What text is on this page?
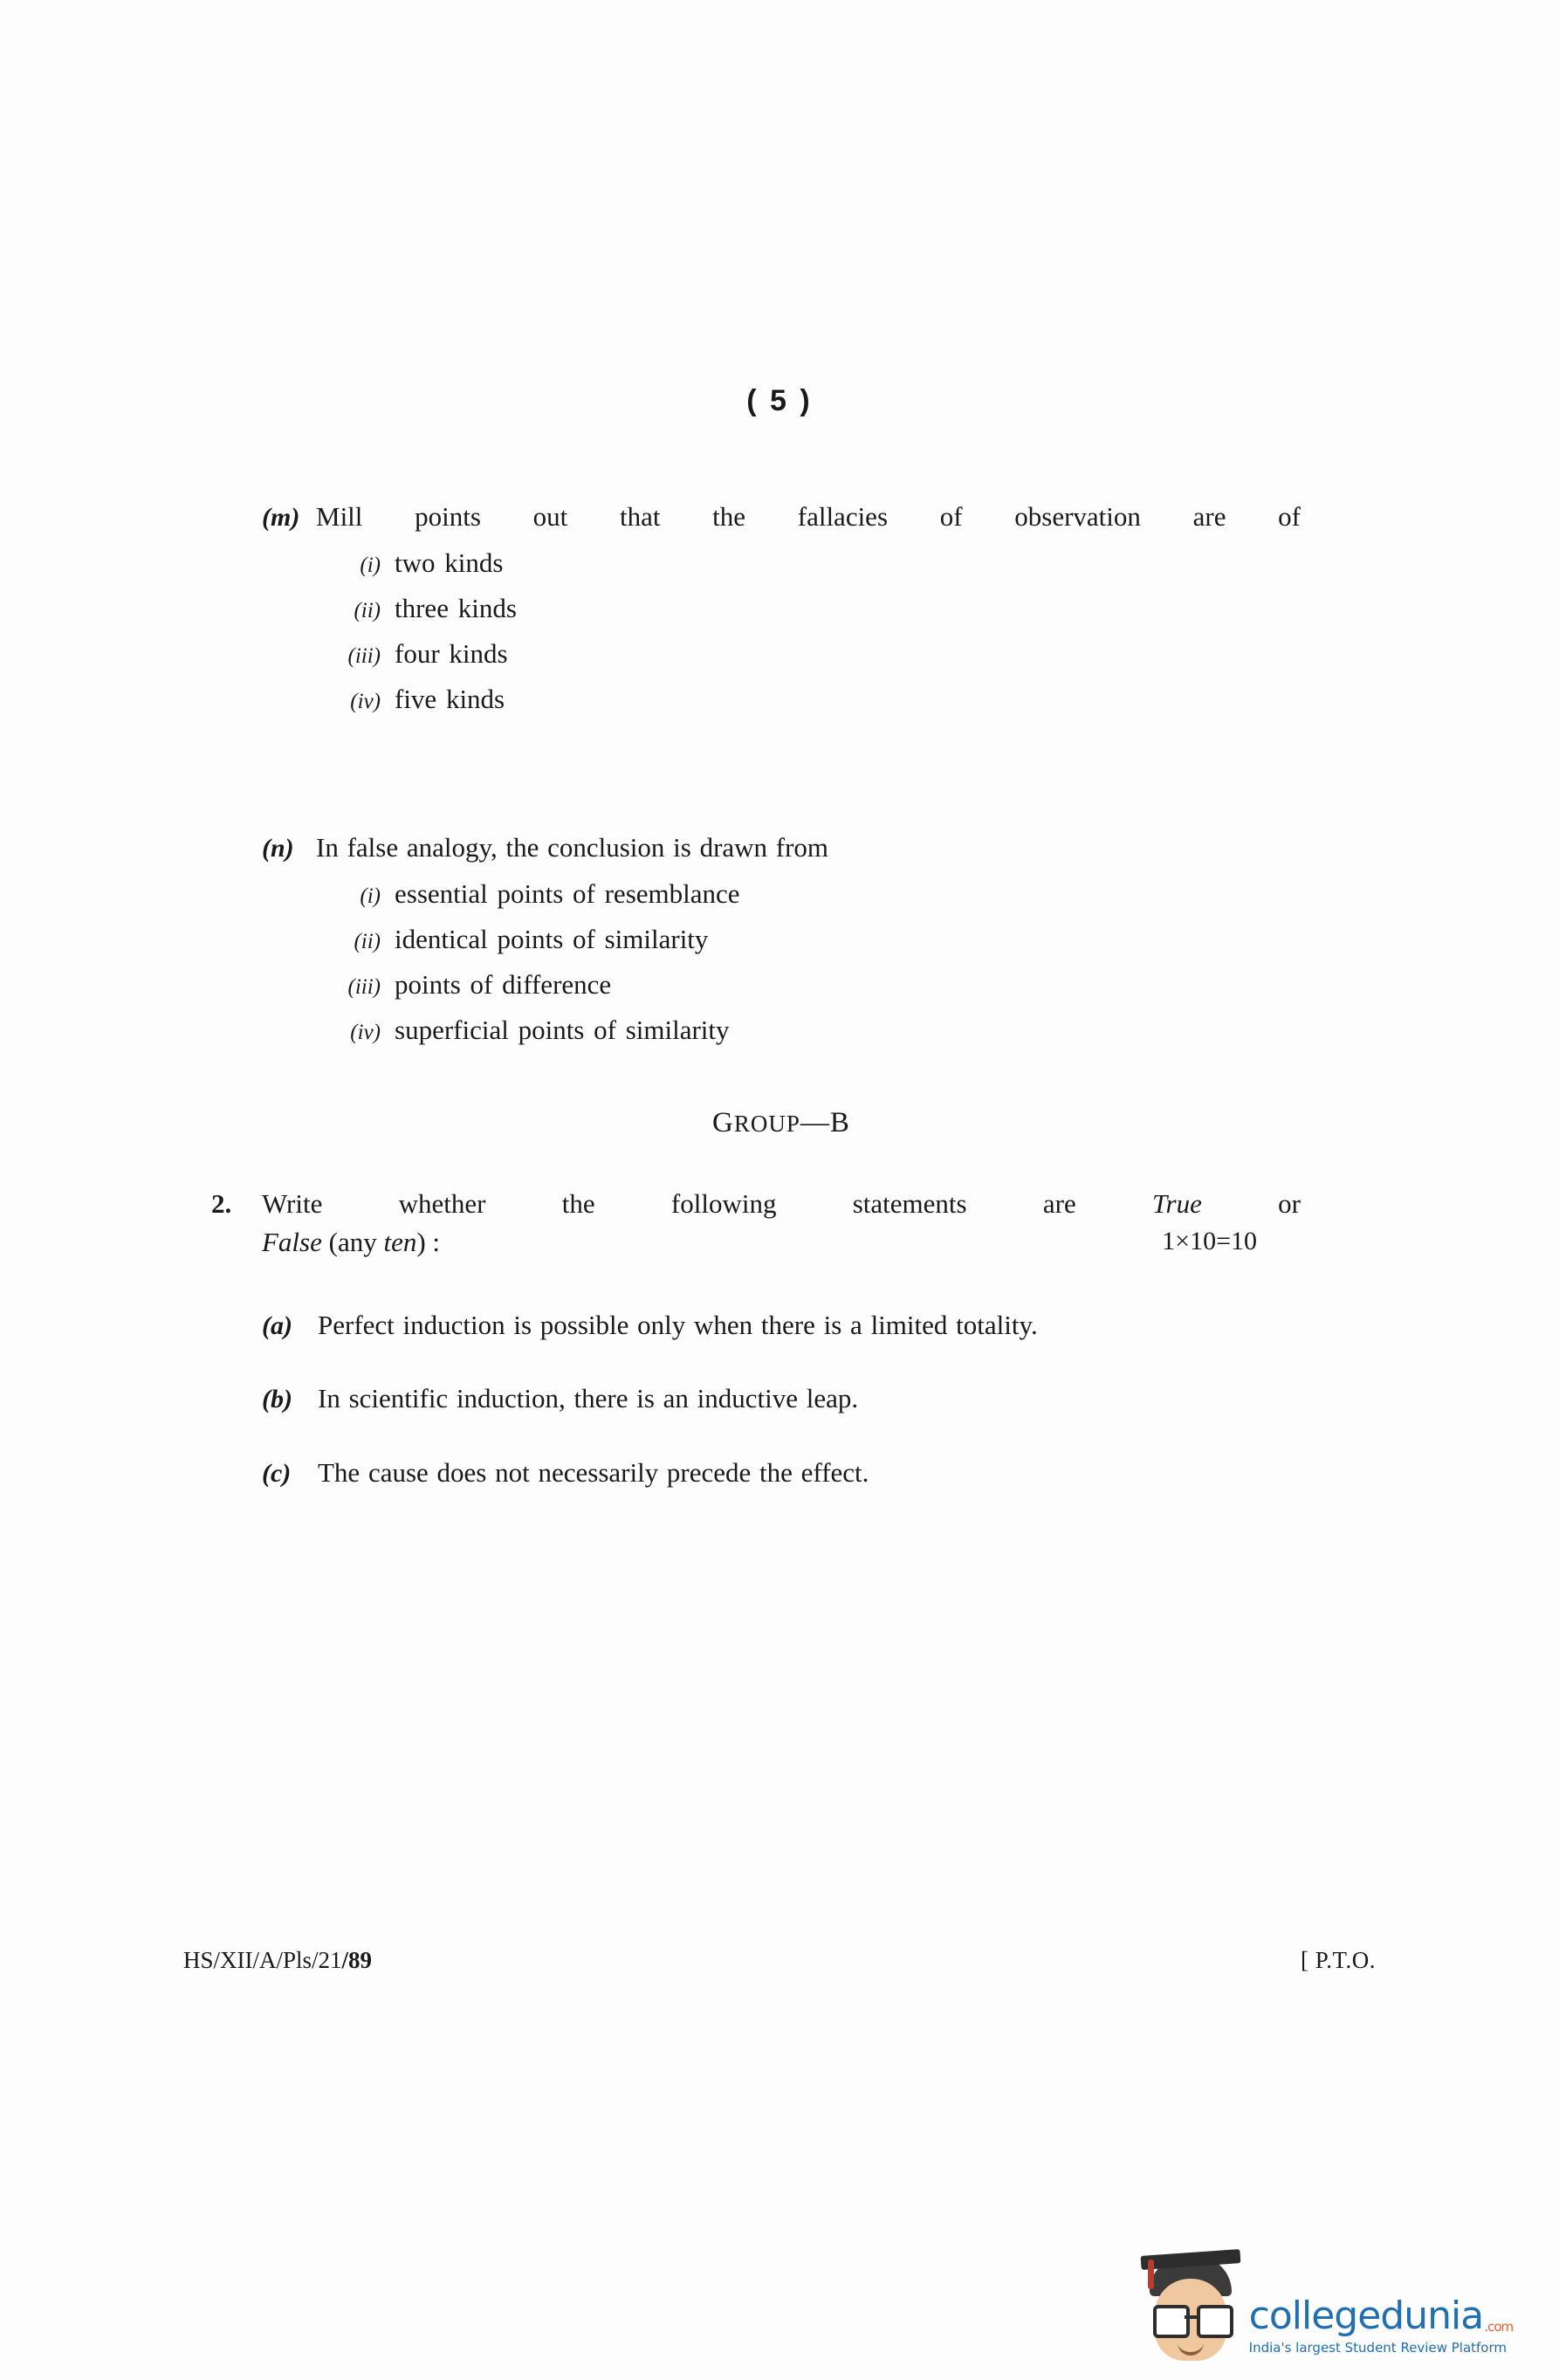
( 5 )
(m) Mill points out that the fallacies of observation are of
(i) two kinds
(ii) three kinds
(iii) four kinds
(iv) five kinds
(n) In false analogy, the conclusion is drawn from
(i) essential points of resemblance
(ii) identical points of similarity
(iii) points of difference
(iv) superficial points of similarity
GROUP—B
2.	Write whether the following statements are True or
False (any ten) :	1×10=10
(a) Perfect induction is possible only when there is a limited totality.
(b) In scientific induction, there is an inductive leap.
(c) The cause does not necessarily precede the effect.
HS/XII/A/Pls/21/89	[ P.T.O.
collegedunia .com
India's largest Student Review Platform
